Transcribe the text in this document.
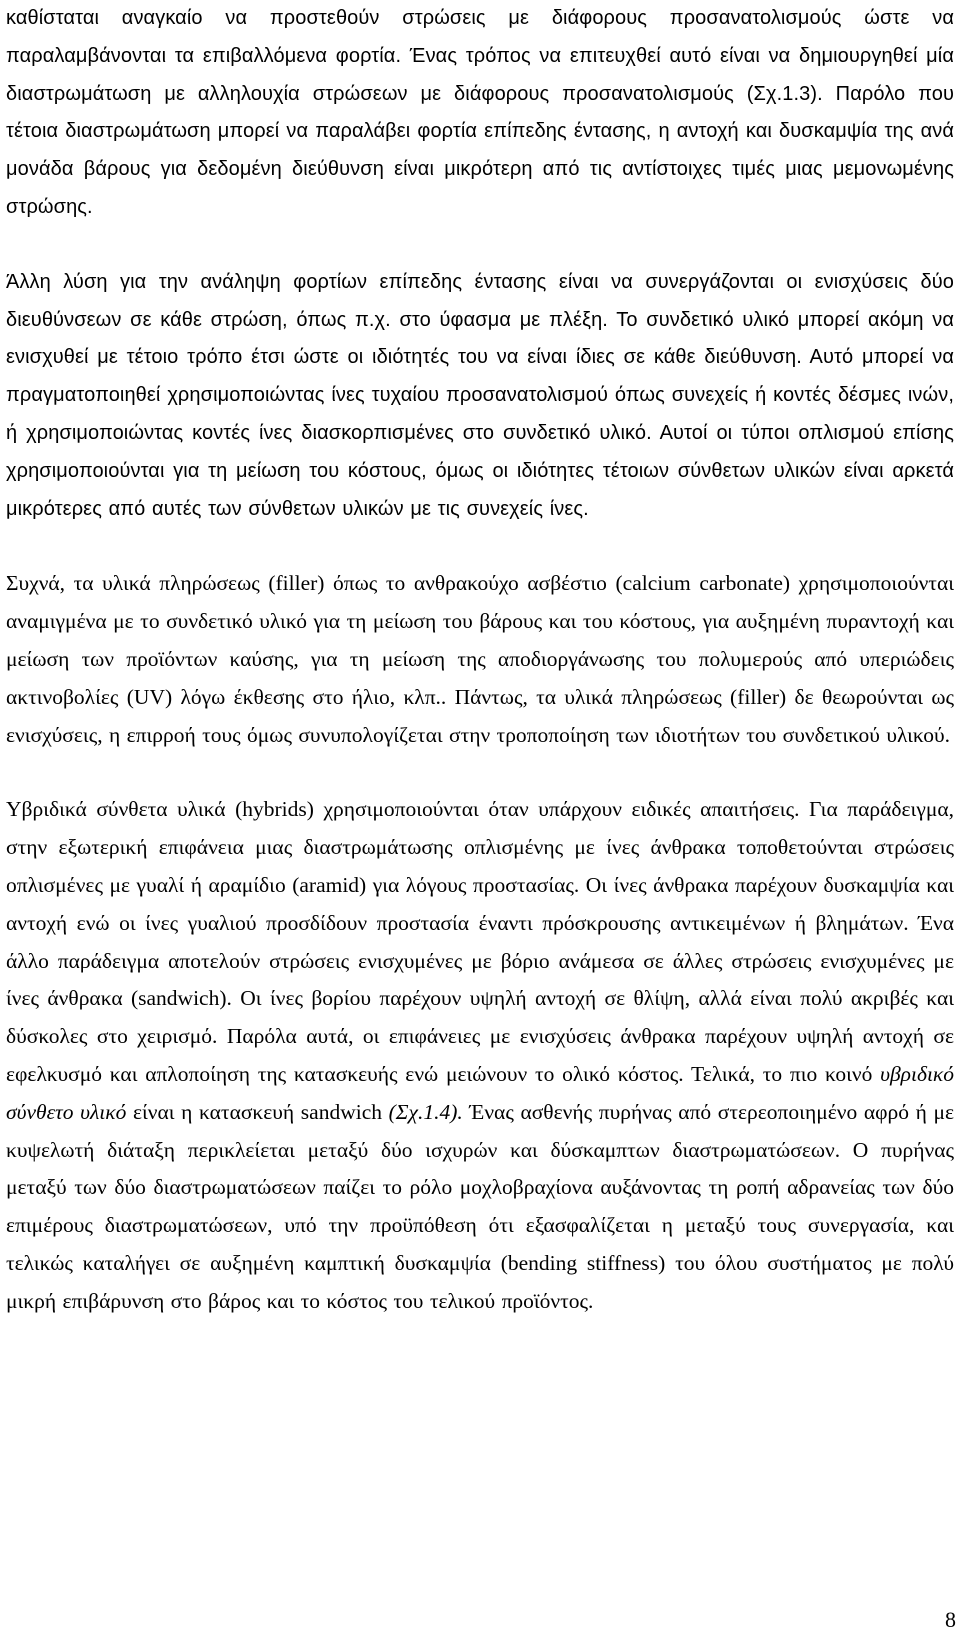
καθίσταται αναγκαίο να προστεθούν στρώσεις με διάφορους προσανατολισμούς ώστε να παραλαμβάνονται τα επιβαλλόμενα φορτία. Ένας τρόπος να επιτευχθεί αυτό είναι να δημιουργηθεί μία διαστρωμάτωση με αλληλουχία στρώσεων με διάφορους προσανατολισμούς (Σχ.1.3). Παρόλο που τέτοια διαστρωμάτωση μπορεί να παραλάβει φορτία επίπεδης έντασης, η αντοχή και δυσκαμψία της ανά μονάδα βάρους για δεδομένη διεύθυνση είναι μικρότερη από τις αντίστοιχες τιμές μιας μεμονωμένης στρώσης.

Άλλη λύση για την ανάληψη φορτίων επίπεδης έντασης είναι να συνεργάζονται οι ενισχύσεις δύο διευθύνσεων σε κάθε στρώση, όπως π.χ. στο ύφασμα με πλέξη. Το συνδετικό υλικό μπορεί ακόμη να ενισχυθεί με τέτοιο τρόπο έτσι ώστε οι ιδιότητές του να είναι ίδιες σε κάθε διεύθυνση. Αυτό μπορεί να πραγματοποιηθεί χρησιμοποιώντας ίνες τυχαίου προσανατολισμού όπως συνεχείς ή κοντές δέσμες ινών, ή χρησιμοποιώντας κοντές ίνες διασκορπισμένες στο συνδετικό υλικό. Αυτοί οι τύποι οπλισμού επίσης χρησιμοποιούνται για τη μείωση του κόστους, όμως οι ιδιότητες τέτοιων σύνθετων υλικών είναι αρκετά μικρότερες από αυτές των σύνθετων υλικών με τις συνεχείς ίνες.

Συχνά, τα υλικά πληρώσεως (filler) όπως το ανθρακούχο ασβέστιο (calcium carbonate) χρησιμοποιούνται αναμιγμένα με το συνδετικό υλικό για τη μείωση του βάρους και του κόστους, για αυξημένη πυραντοχή και μείωση των προϊόντων καύσης, για τη μείωση της αποδιοργάνωσης του πολυμερούς από υπεριώδεις ακτινοβολίες (UV) λόγω έκθεσης στο ήλιο, κλπ.. Πάντως, τα υλικά πληρώσεως (filler) δε θεωρούνται ως ενισχύσεις, η επιρροή τους όμως συνυπολογίζεται στην τροποποίηση των ιδιοτήτων του συνδετικού υλικού.

Υβριδικά σύνθετα υλικά (hybrids) χρησιμοποιούνται όταν υπάρχουν ειδικές απαιτήσεις. Για παράδειγμα, στην εξωτερική επιφάνεια μιας διαστρωμάτωσης οπλισμένης με ίνες άνθρακα τοποθετούνται στρώσεις οπλισμένες με γυαλί ή αραμίδιο (aramid) για λόγους προστασίας. Οι ίνες άνθρακα παρέχουν δυσκαμψία και αντοχή ενώ οι ίνες γυαλιού προσδίδουν προστασία έναντι πρόσκρουσης αντικειμένων ή βλημάτων. Ένα άλλο παράδειγμα αποτελούν στρώσεις ενισχυμένες με βόριο ανάμεσα σε άλλες στρώσεις ενισχυμένες με ίνες άνθρακα (sandwich). Οι ίνες βορίου παρέχουν υψηλή αντοχή σε θλίψη, αλλά είναι πολύ ακριβές και δύσκολες στο χειρισμό. Παρόλα αυτά, οι επιφάνειες με ενισχύσεις άνθρακα παρέχουν υψηλή αντοχή σε εφελκυσμό και απλοποίηση της κατασκευής ενώ μειώνουν το ολικό κόστος. Τελικά, το πιο κοινό υβριδικό σύνθετο υλικό είναι η κατασκευή sandwich (Σχ.1.4). Ένας ασθενής πυρήνας από στερεοποιημένο αφρό ή με κυψελωτή διάταξη περικλείεται μεταξύ δύο ισχυρών και δύσκαμπτων διαστρωματώσεων. Ο πυρήνας μεταξύ των δύο διαστρωματώσεων παίζει το ρόλο μοχλοβραχίονα αυξάνοντας τη ροπή αδρανείας των δύο επιμέρους διαστρωματώσεων, υπό την προϋπόθεση ότι εξασφαλίζεται η μεταξύ τους συνεργασία, και τελικώς καταλήγει σε αυξημένη καμπτική δυσκαμψία (bending stiffness) του όλου συστήματος με πολύ μικρή επιβάρυνση στο βάρος και το κόστος του τελικού προϊόντος.

8
